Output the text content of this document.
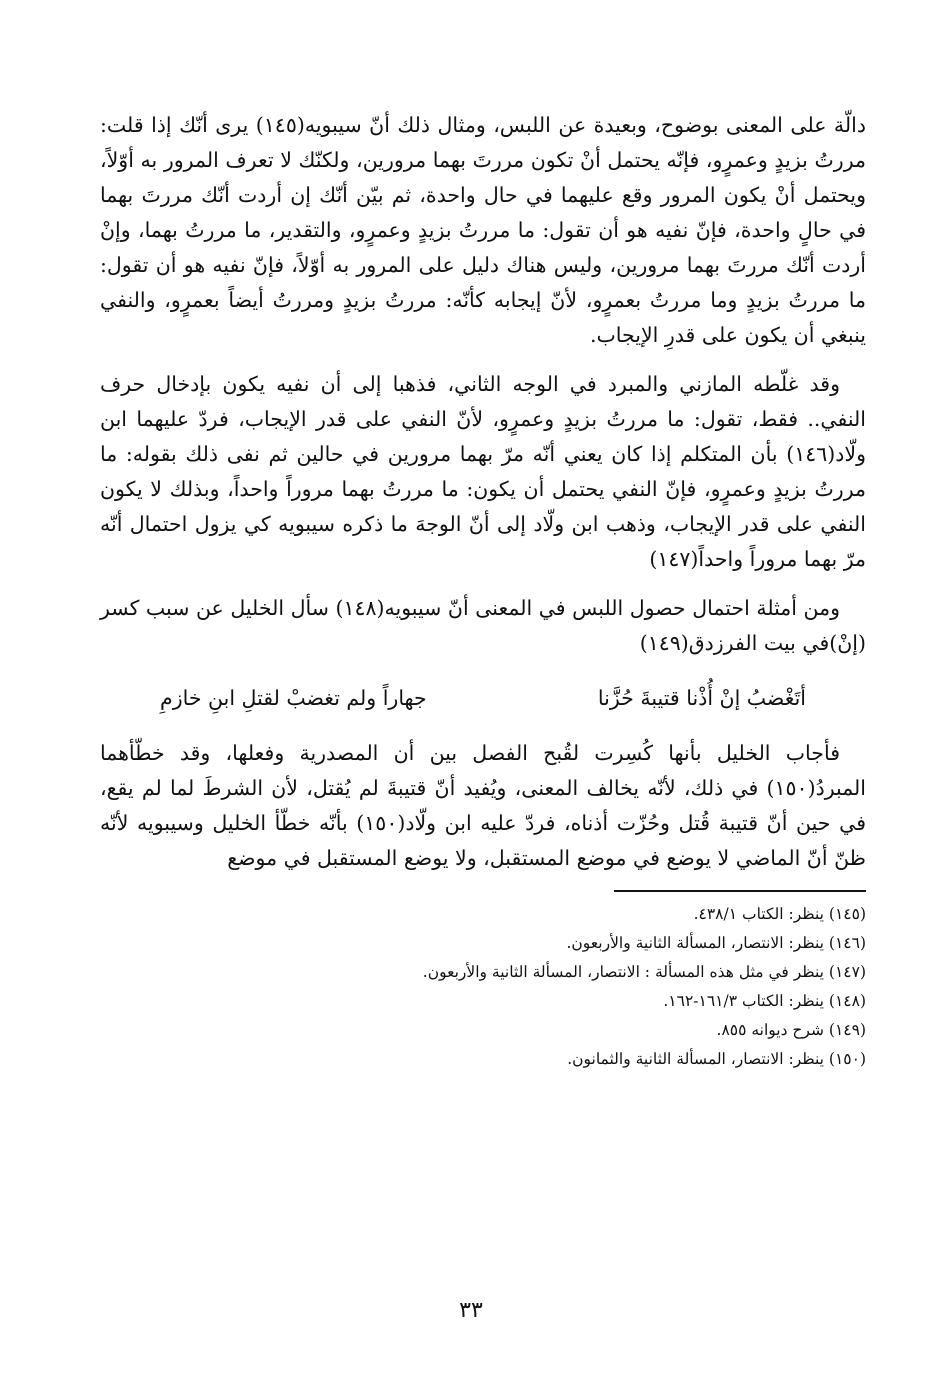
دالّة على المعنى بوضوح، وبعيدة عن اللبس، ومثال ذلك أنّ سيبويه(١٤٥) يرى أنّك إذا قلت: مررتُ بزيدٍ وعمرٍو، فإنّه يحتمل أنْ تكون مررتَ بهما مرورين، ولكنّك لا تعرف المرور به أوّلاً، ويحتمل أنْ يكون المرور وقع عليهما في حال واحدة، ثم بيّن أنّك إن أردت أنّك مررتَ بهما في حالٍ واحدة، فإنّ نفيه هو أن تقول: ما مررتُ بزيدٍ وعمرٍو، والتقدير، ما مررتُ بهما، وإنْ أردت أنّك مررتَ بهما مرورين، وليس هناك دليل على المرور به أوّلاً، فإنّ نفيه هو أن تقول: ما مررتُ بزيدٍ وما مررتُ بعمرٍو، لأنّ إيجابه كأنّه: مررتُ بزيدٍ ومررتُ أيضاً بعمرٍو، والنفي ينبغي أن يكون على قدرِ الإيجاب.

وقد غلّطه المازني والمبرد في الوجه الثاني، فذهبا إلى أن نفيه يكون بإدخال حرف النفي.. فقط، تقول: ما مررتُ بزيدٍ وعمرٍو، لأنّ النفي على قدر الإيجاب، فردّ عليهما ابن ولّاد(١٤٦) بأن المتكلم إذا كان يعني أنّه مرّ بهما مرورين في حالين ثم نفى ذلك بقوله: ما مررتُ بزيدٍ وعمرٍو، فإنّ النفي يحتمل أن يكون: ما مررتُ بهما مروراً واحداً، وبذلك لا يكون النفي على قدر الإيجاب، وذهب ابن ولّاد إلى أنّ الوجهَ ما ذكره سيبويه كي يزول احتمال أنّه مرّ بهما مروراً واحداً(١٤٧)

ومن أمثلة احتمال حصول اللبس في المعنى أنّ سيبويه(١٤٨) سأل الخليل عن سبب كسر (إنْ)في بيت الفرزدق(١٤٩)

أتَغْضبُ إنْ أُذْنا قتيبةَ حُزَّنا
جهاراً ولم تغضبْ لقتلِ ابنِ خازمِ

فأجاب الخليل بأنها كُسِرت لقُبح الفصل بين أن المصدرية وفعلها، وقد خطّأهما المبردُ(١٥٠) في ذلك، لأنّه يخالف المعنى، ويُفيد أنّ قتيبةَ لم يُقتل، لأن الشرطَ لما لم يقع، في حين أنّ قتيبة قُتل وحُزّت أذناه، فردّ عليه ابن ولّاد(١٥٠) بأنّه خطّأ الخليل وسيبويه لأنّه ظنّ أنّ الماضي لا يوضع في موضع المستقبل، ولا يوضع المستقبل في موضع

(١٤٥) ينظر: الكتاب ٤٣٨/١.

(١٤٦) ينظر: الانتصار، المسألة الثانية والأربعون.

(١٤٧) ينظر في مثل هذه المسألة : الانتصار، المسألة الثانية والأربعون.

(١٤٨) ينظر: الكتاب ١٦١/٣-١٦٢.

(١٤٩) شرح ديوانه ٨٥٥.

(١٥٠) ينظر: الانتصار، المسألة الثانية والثمانون.

٣٣
